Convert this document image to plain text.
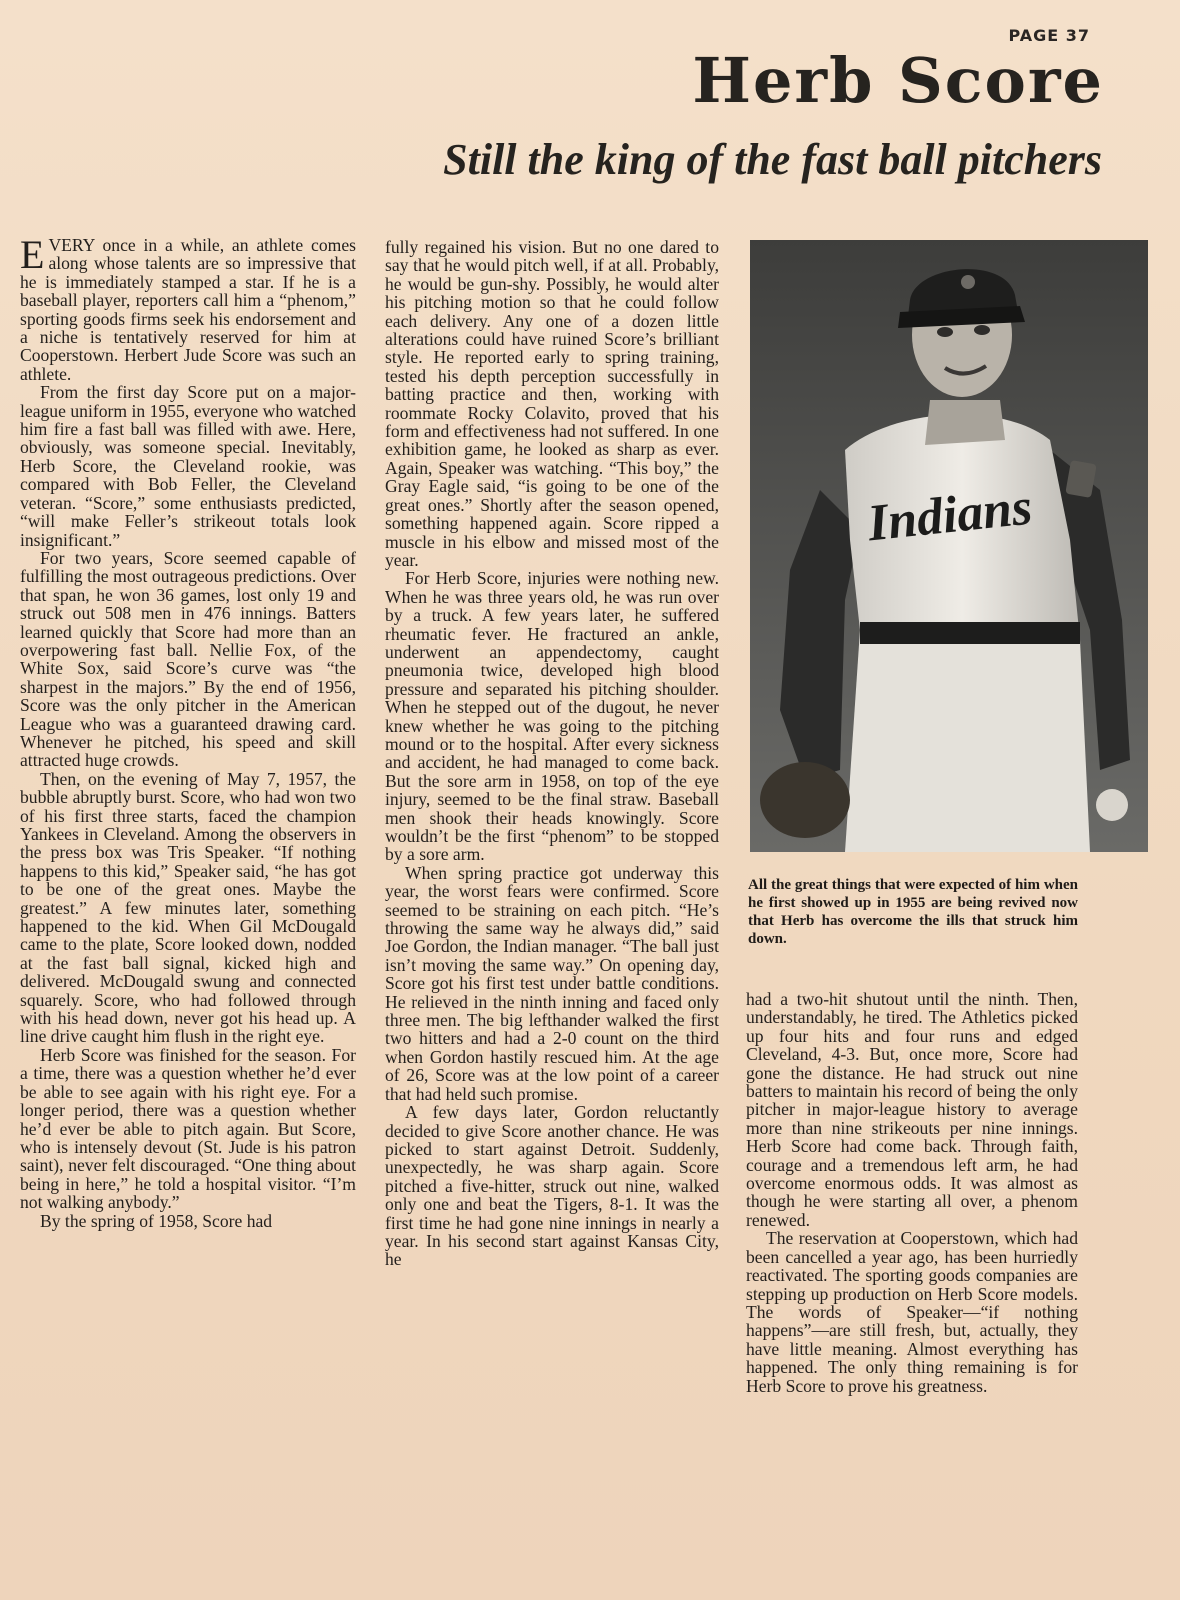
PAGE 37
Herb Score
Still the king of the fast ball pitchers

EVERY once in a while, an athlete comes along whose talents are so impressive that he is immediately stamped a star. If he is a baseball player, reporters call him a “phenom,” sporting goods firms seek his endorsement and a niche is tentatively reserved for him at Cooperstown. Herbert Jude Score was such an athlete.

From the first day Score put on a major-league uniform in 1955, everyone who watched him fire a fast ball was filled with awe. Here, obviously, was someone special. Inevitably, Herb Score, the Cleveland rookie, was compared with Bob Feller, the Cleveland veteran. “Score,” some enthusiasts predicted, “will make Feller’s strikeout totals look insignificant.”

For two years, Score seemed capable of fulfilling the most outrageous predictions. Over that span, he won 36 games, lost only 19 and struck out 508 men in 476 innings. Batters learned quickly that Score had more than an overpowering fast ball. Nellie Fox, of the White Sox, said Score’s curve was “the sharpest in the majors.” By the end of 1956, Score was the only pitcher in the American League who was a guaranteed drawing card. Whenever he pitched, his speed and skill attracted huge crowds.

Then, on the evening of May 7, 1957, the bubble abruptly burst. Score, who had won two of his first three starts, faced the champion Yankees in Cleveland. Among the observers in the press box was Tris Speaker. “If nothing happens to this kid,” Speaker said, “he has got to be one of the great ones. Maybe the greatest.” A few minutes later, something happened to the kid. When Gil McDougald came to the plate, Score looked down, nodded at the fast ball signal, kicked high and delivered. McDougald swung and connected squarely. Score, who had followed through with his head down, never got his head up. A line drive caught him flush in the right eye.

Herb Score was finished for the season. For a time, there was a question whether he’d ever be able to see again with his right eye. For a longer period, there was a question whether he’d ever be able to pitch again. But Score, who is intensely devout (St. Jude is his patron saint), never felt discouraged. “One thing about being in here,” he told a hospital visitor. “I’m not walking anybody.”

By the spring of 1958, Score had

fully regained his vision. But no one dared to say that he would pitch well, if at all. Probably, he would be gun-shy. Possibly, he would alter his pitching motion so that he could follow each delivery. Any one of a dozen little alterations could have ruined Score’s brilliant style. He reported early to spring training, tested his depth perception successfully in batting practice and then, working with roommate Rocky Colavito, proved that his form and effectiveness had not suffered. In one exhibition game, he looked as sharp as ever. Again, Speaker was watching. “This boy,” the Gray Eagle said, “is going to be one of the great ones.” Shortly after the season opened, something happened again. Score ripped a muscle in his elbow and missed most of the year.

For Herb Score, injuries were nothing new. When he was three years old, he was run over by a truck. A few years later, he suffered rheumatic fever. He fractured an ankle, underwent an appendectomy, caught pneumonia twice, developed high blood pressure and separated his pitching shoulder. When he stepped out of the dugout, he never knew whether he was going to the pitching mound or to the hospital. After every sickness and accident, he had managed to come back. But the sore arm in 1958, on top of the eye injury, seemed to be the final straw. Baseball men shook their heads knowingly. Score wouldn’t be the first “phenom” to be stopped by a sore arm.

When spring practice got underway this year, the worst fears were confirmed. Score seemed to be straining on each pitch. “He’s throwing the same way he always did,” said Joe Gordon, the Indian manager. “The ball just isn’t moving the same way.” On opening day, Score got his first test under battle conditions. He relieved in the ninth inning and faced only three men. The big lefthander walked the first two hitters and had a 2-0 count on the third when Gordon hastily rescued him. At the age of 26, Score was at the low point of a career that had held such promise.

A few days later, Gordon reluctantly decided to give Score another chance. He was picked to start against Detroit. Suddenly, unexpectedly, he was sharp again. Score pitched a five-hitter, struck out nine, walked only one and beat the Tigers, 8-1. It was the first time he had gone nine innings in nearly a year. In his second start against Kansas City, he

Indians
All the great things that were expected of him when he first showed up in 1955 are being revived now that Herb has overcome the ills that struck him down.

had a two-hit shutout until the ninth. Then, understandably, he tired. The Athletics picked up four hits and four runs and edged Cleveland, 4-3. But, once more, Score had gone the distance. He had struck out nine batters to maintain his record of being the only pitcher in major-league history to average more than nine strikeouts per nine innings. Herb Score had come back. Through faith, courage and a tremendous left arm, he had overcome enormous odds. It was almost as though he were starting all over, a phenom renewed.

The reservation at Cooperstown, which had been cancelled a year ago, has been hurriedly reactivated. The sporting goods companies are stepping up production on Herb Score models. The words of Speaker—“if nothing happens”—are still fresh, but, actually, they have little meaning. Almost everything has happened. The only thing remaining is for Herb Score to prove his greatness.
